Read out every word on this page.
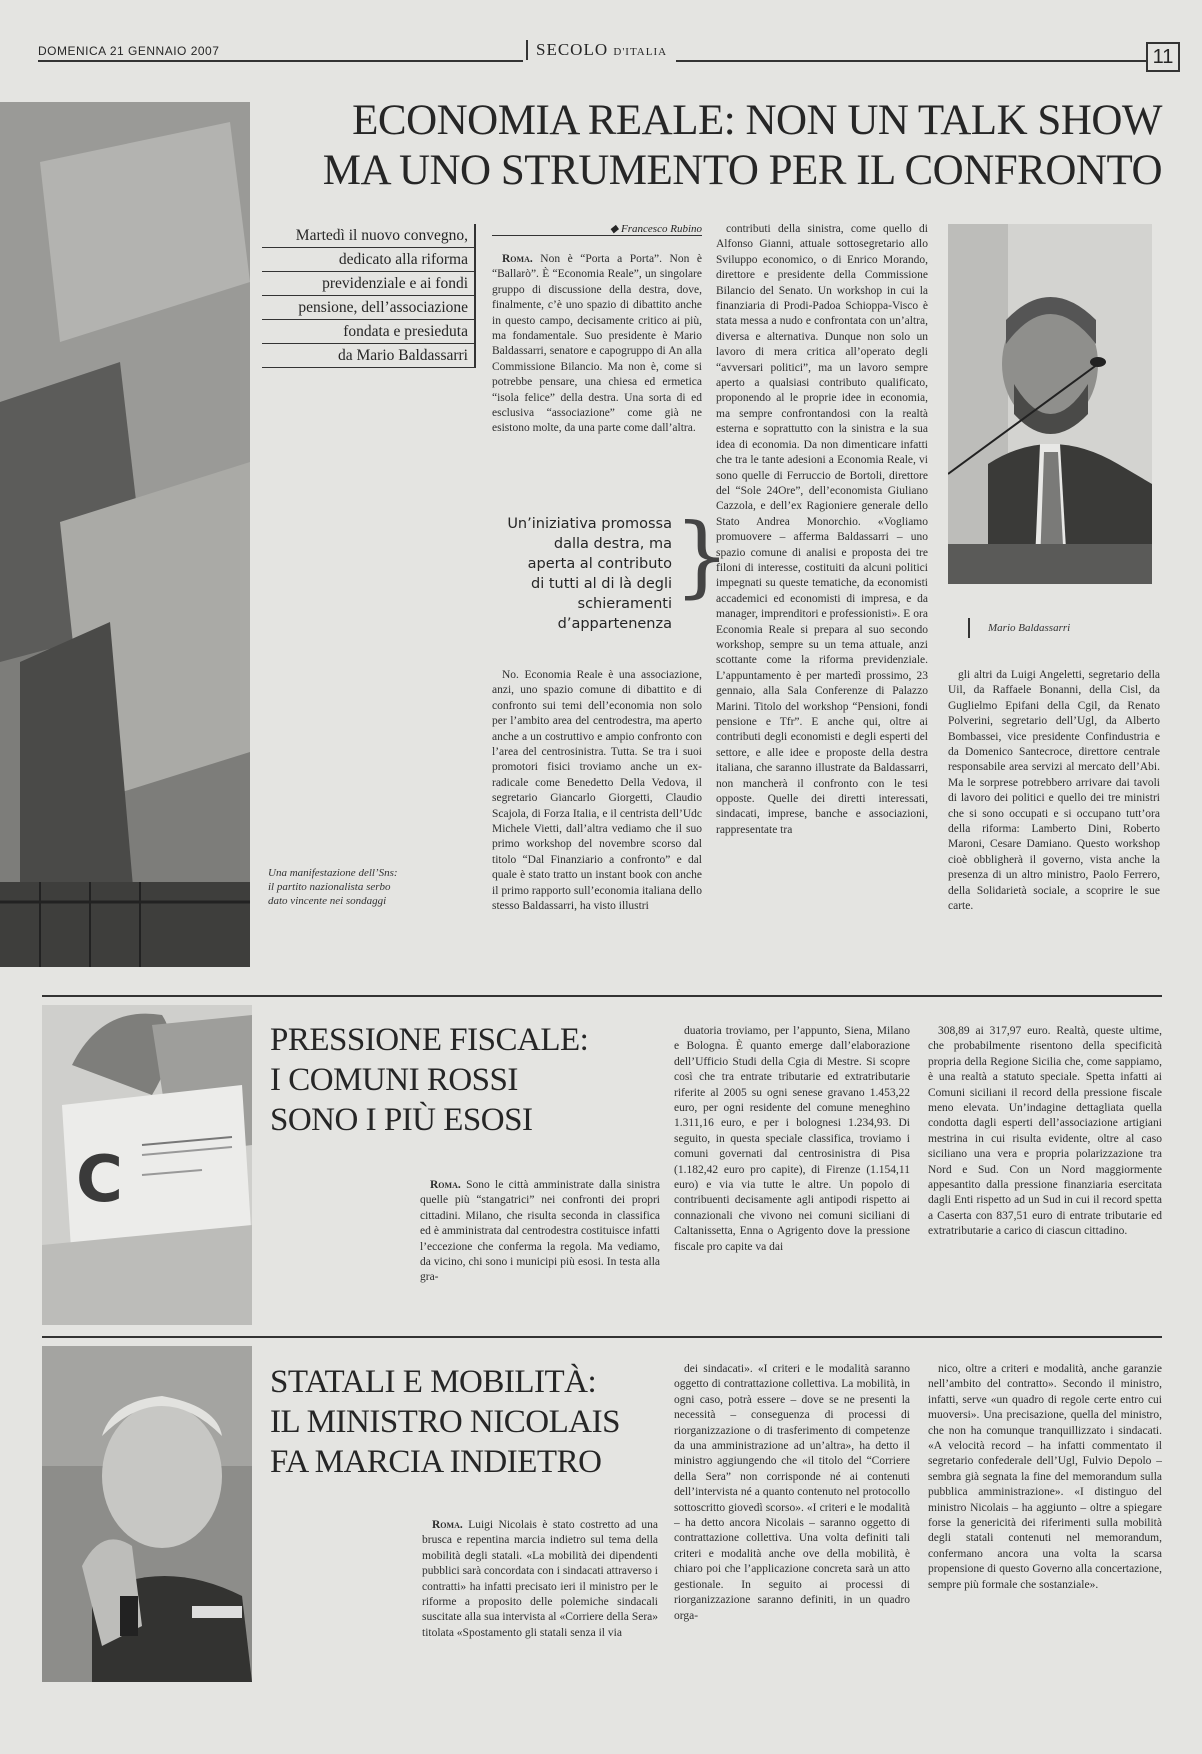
DOMENICA 21 GENNAIO 2007	SECOLO D'ITALIA	11
ECONOMIA REALE: NON UN TALK SHOW
MA UNO STRUMENTO PER IL CONFRONTO
Martedì il nuovo convegno,
dedicato alla riforma
previdenziale e ai fondi
pensione, dell’associazione
fondata e presieduta
da Mario Baldassarri
Una manifestazione dell’Sns: il partito nazionalista serbo dato vincente nei sondaggi
◆ Francesco Rubino

Roma. Non è “Porta a Porta”. Non è “Ballarò”. È “Economia Reale”, un singolare gruppo di discussione della destra, dove, finalmente, c’è uno spazio di dibattito anche in questo campo, decisamente critico ai più, ma fondamentale. Suo presidente è Mario Baldassarri, senatore e capogruppo di An alla Commissione Bilancio. Ma non è, come si potrebbe pensare, una chiesa ed ermetica “isola felice” della destra. Una sorta di ed esclusiva “associazione” come già ne esistono molte, da una parte come dall’altra.

Un’iniziativa promossa
dalla destra, ma
aperta al contributo
di tutti al di là degli
schieramenti
d’appartenenza
}

No. Economia Reale è una associazione, anzi, uno spazio comune di dibattito e di confronto sui temi dell’economia non solo per l’ambito area del centrodestra, ma aperto anche a un costruttivo e ampio confronto con l’area del centrosinistra. Tutta. Se tra i suoi promotori fisici troviamo anche un ex-radicale come Benedetto Della Vedova, il segretario Giancarlo Giorgetti, Claudio Scajola, di Forza Italia, e il centrista dell’Udc Michele Vietti, dall’altra vediamo che il suo primo workshop del novembre scorso dal titolo “Dal Finanziario a confronto” e dal quale è stato tratto un instant book con anche il primo rapporto sull’economia italiana dello stesso Baldassarri, ha visto illustri

contributi della sinistra, come quello di Alfonso Gianni, attuale sottosegretario allo Sviluppo economico, o di Enrico Morando, direttore e presidente della Commissione Bilancio del Senato. Un workshop in cui la finanziaria di Prodi-Padoa Schioppa-Visco è stata messa a nudo e confrontata con un’altra, diversa e alternativa. Dunque non solo un lavoro di mera critica all’operato degli “avversari politici”, ma un lavoro sempre aperto a qualsiasi contributo qualificato, proponendo al le proprie idee in economia, ma sempre confrontandosi con la realtà esterna e soprattutto con la sinistra e la sua idea di economia. Da non dimenticare infatti che tra le tante adesioni a Economia Reale, vi sono quelle di Ferruccio de Bortoli, direttore del “Sole 24Ore”, dell’economista Giuliano Cazzola, e dell’ex Ragioniere generale dello Stato Andrea Monorchio. «Vogliamo promuovere – afferma Baldassarri – uno spazio comune di analisi e proposta dei tre filoni di interesse, costituiti da alcuni politici impegnati su queste tematiche, da economisti accademici ed economisti di impresa, e da manager, imprenditori e professionisti». E ora Economia Reale si prepara al suo secondo workshop, sempre su un tema attuale, anzi scottante come la riforma previdenziale. L’appuntamento è per martedì prossimo, 23 gennaio, alla Sala Conferenze di Palazzo Marini. Titolo del workshop “Pensioni, fondi pensione e Tfr”. E anche qui, oltre ai contributi degli economisti e degli esperti del settore, e alle idee e proposte della destra italiana, che saranno illustrate da Baldassarri, non mancherà il confronto con le tesi opposte. Quelle dei diretti interessati, sindacati, imprese, banche e associazioni, rappresentate tra

Mario Baldassarri

gli altri da Luigi Angeletti, segretario della Uil, da Raffaele Bonanni, della Cisl, da Guglielmo Epifani della Cgil, da Renato Polverini, segretario dell’Ugl, da Alberto Bombassei, vice presidente Confindustria e da Domenico Santecroce, direttore centrale responsabile area servizi al mercato dell’Abi. Ma le sorprese potrebbero arrivare dai tavoli di lavoro dei politici e quello dei tre ministri che si sono occupati e si occupano tutt’ora della riforma: Lamberto Dini, Roberto Maroni, Cesare Damiano. Questo workshop cioè obbligherà il governo, vista anche la presenza di un altro ministro, Paolo Ferrero, della Solidarietà sociale, a scoprire le sue carte.

C
PRESSIONE FISCALE:
I COMUNI ROSSI
SONO I PIÙ ESOSI

Roma. Sono le città amministrate dalla sinistra quelle più “stangatrici” nei confronti dei propri cittadini. Milano, che risulta seconda in classifica ed è amministrata dal centrodestra costituisce infatti l’eccezione che conferma la regola. Ma vediamo, da vicino, chi sono i municipi più esosi. In testa alla gra-

duatoria troviamo, per l’appunto, Siena, Milano e Bologna. È quanto emerge dall’elaborazione dell’Ufficio Studi della Cgia di Mestre. Si scopre così che tra entrate tributarie ed extratributarie riferite al 2005 su ogni senese gravano 1.453,22 euro, per ogni residente del comune meneghino 1.311,16 euro, e per i bolognesi 1.234,93. Di seguito, in questa speciale classifica, troviamo i comuni governati dal centrosinistra di Pisa (1.182,42 euro pro capite), di Firenze (1.154,11 euro) e via via tutte le altre. Un popolo di contribuenti decisamente agli antipodi rispetto ai connazionali che vivono nei comuni siciliani di Caltanissetta, Enna o Agrigento dove la pressione fiscale pro capite va dai

308,89 ai 317,97 euro. Realtà, queste ultime, che probabilmente risentono della specificità propria della Regione Sicilia che, come sappiamo, è una realtà a statuto speciale. Spetta infatti ai Comuni siciliani il record della pressione fiscale meno elevata. Un’indagine dettagliata quella condotta dagli esperti dell’associazione artigiani mestrina in cui risulta evidente, oltre al caso siciliano una vera e propria polarizzazione tra Nord e Sud. Con un Nord maggiormente appesantito dalla pressione finanziaria esercitata dagli Enti rispetto ad un Sud in cui il record spetta a Caserta con 837,51 euro di entrate tributarie ed extratributarie a carico di ciascun cittadino.

STATALI E MOBILITÀ:
IL MINISTRO NICOLAIS
FA MARCIA INDIETRO

Roma. Luigi Nicolais è stato costretto ad una brusca e repentina marcia indietro sul tema della mobilità degli statali. «La mobilità dei dipendenti pubblici sarà concordata con i sindacati attraverso i contratti» ha infatti precisato ieri il ministro per le riforme a proposito delle polemiche sindacali suscitate alla sua intervista al «Corriere della Sera» titolata «Spostamento gli statali senza il via

dei sindacati». «I criteri e le modalità saranno oggetto di contrattazione collettiva. La mobilità, in ogni caso, potrà essere – dove se ne presenti la necessità – conseguenza di processi di riorganizzazione o di trasferimento di competenze da una amministrazione ad un’altra», ha detto il ministro aggiungendo che «il titolo del “Corriere della Sera” non corrisponde né ai contenuti dell’intervista né a quanto contenuto nel protocollo sottoscritto giovedì scorso». «I criteri e le modalità – ha detto ancora Nicolais – saranno oggetto di contrattazione collettiva. Una volta definiti tali criteri e modalità anche ove della mobilità, è chiaro poi che l’applicazione concreta sarà un atto gestionale. In seguito ai processi di riorganizzazione saranno definiti, in un quadro orga-

nico, oltre a criteri e modalità, anche garanzie nell’ambito del contratto». Secondo il ministro, infatti, serve «un quadro di regole certe entro cui muoversi». Una precisazione, quella del ministro, che non ha comunque tranquillizzato i sindacati. «A velocità record – ha infatti commentato il segretario confederale dell’Ugl, Fulvio Depolo – sembra già segnata la fine del memorandum sulla pubblica amministrazione». «I distinguo del ministro Nicolais – ha aggiunto – oltre a spiegare forse la genericità dei riferimenti sulla mobilità degli statali contenuti nel memorandum, confermano ancora una volta la scarsa propensione di questo Governo alla concertazione, sempre più formale che sostanziale».
